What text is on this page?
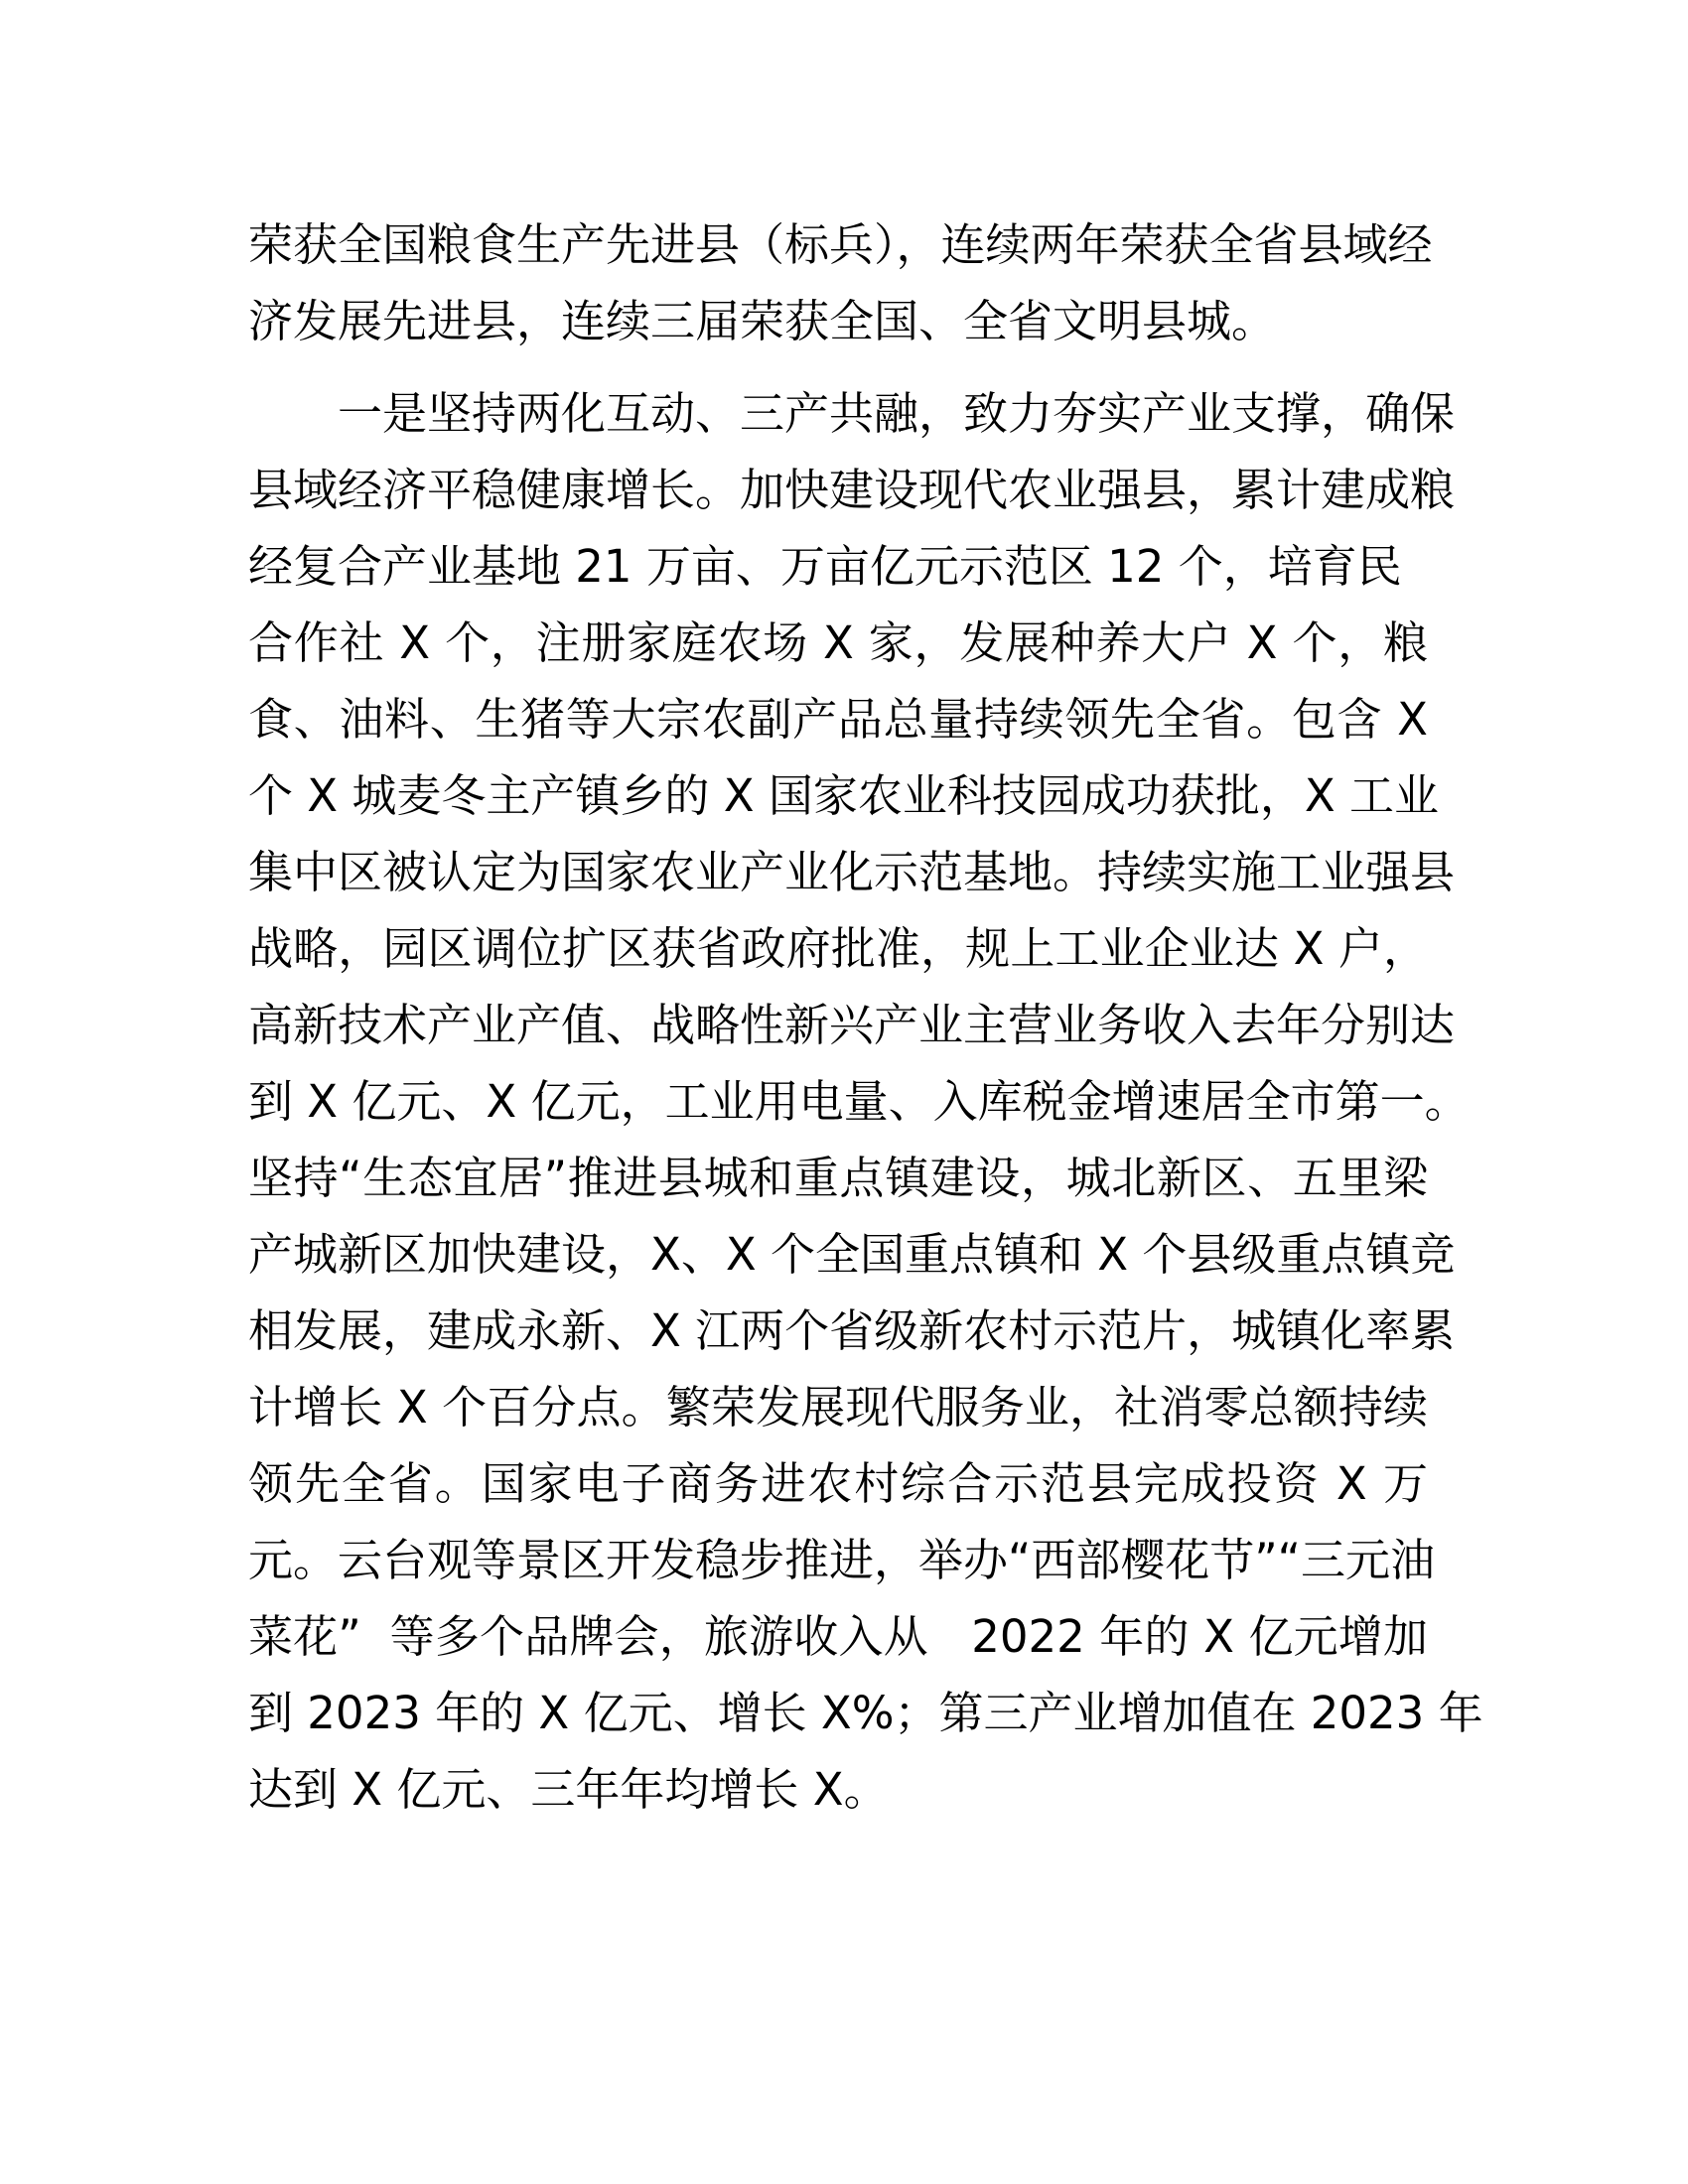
荣获全国粮食生产先进县（标兵），连续两年荣获全省县域经
济发展先进县，连续三届荣获全国、全省文明县城。
一是坚持两化互动、三产共融，致力夯实产业支撑，确保
县域经济平稳健康增长。加快建设现代农业强县，累计建成粮
经复合产业基地 21 万亩、万亩亿元示范区 12 个，培育民
合作社 X 个，注册家庭农场 X 家，发展种养大户 X 个，粮
食、油料、生猪等大宗农副产品总量持续领先全省。包含 X
个 X 城麦冬主产镇乡的 X 国家农业科技园成功获批，X 工业
集中区被认定为国家农业产业化示范基地。持续实施工业强县
战略，园区调位扩区获省政府批准，规上工业企业达 X 户，
高新技术产业产值、战略性新兴产业主营业务收入去年分别达
到 X 亿元、X 亿元，工业用电量、入库税金增速居全市第一。
坚持“生态宜居”推进县城和重点镇建设，城北新区、五里梁
产城新区加快建设，X、X 个全国重点镇和 X 个县级重点镇竞
相发展，建成永新、X 江两个省级新农村示范片，城镇化率累
计增长 X 个百分点。繁荣发展现代服务业，社消零总额持续
领先全省。国家电子商务进农村综合示范县完成投资 X 万
元。云台观等景区开发稳步推进，举办“西部樱花节”“三元油
菜花”  等多个品牌会，旅游收入从   2022 年的 X 亿元增加
到 2023 年的 X 亿元、增长 X%；第三产业增加值在 2023 年
达到 X 亿元、三年年均增长 X。
